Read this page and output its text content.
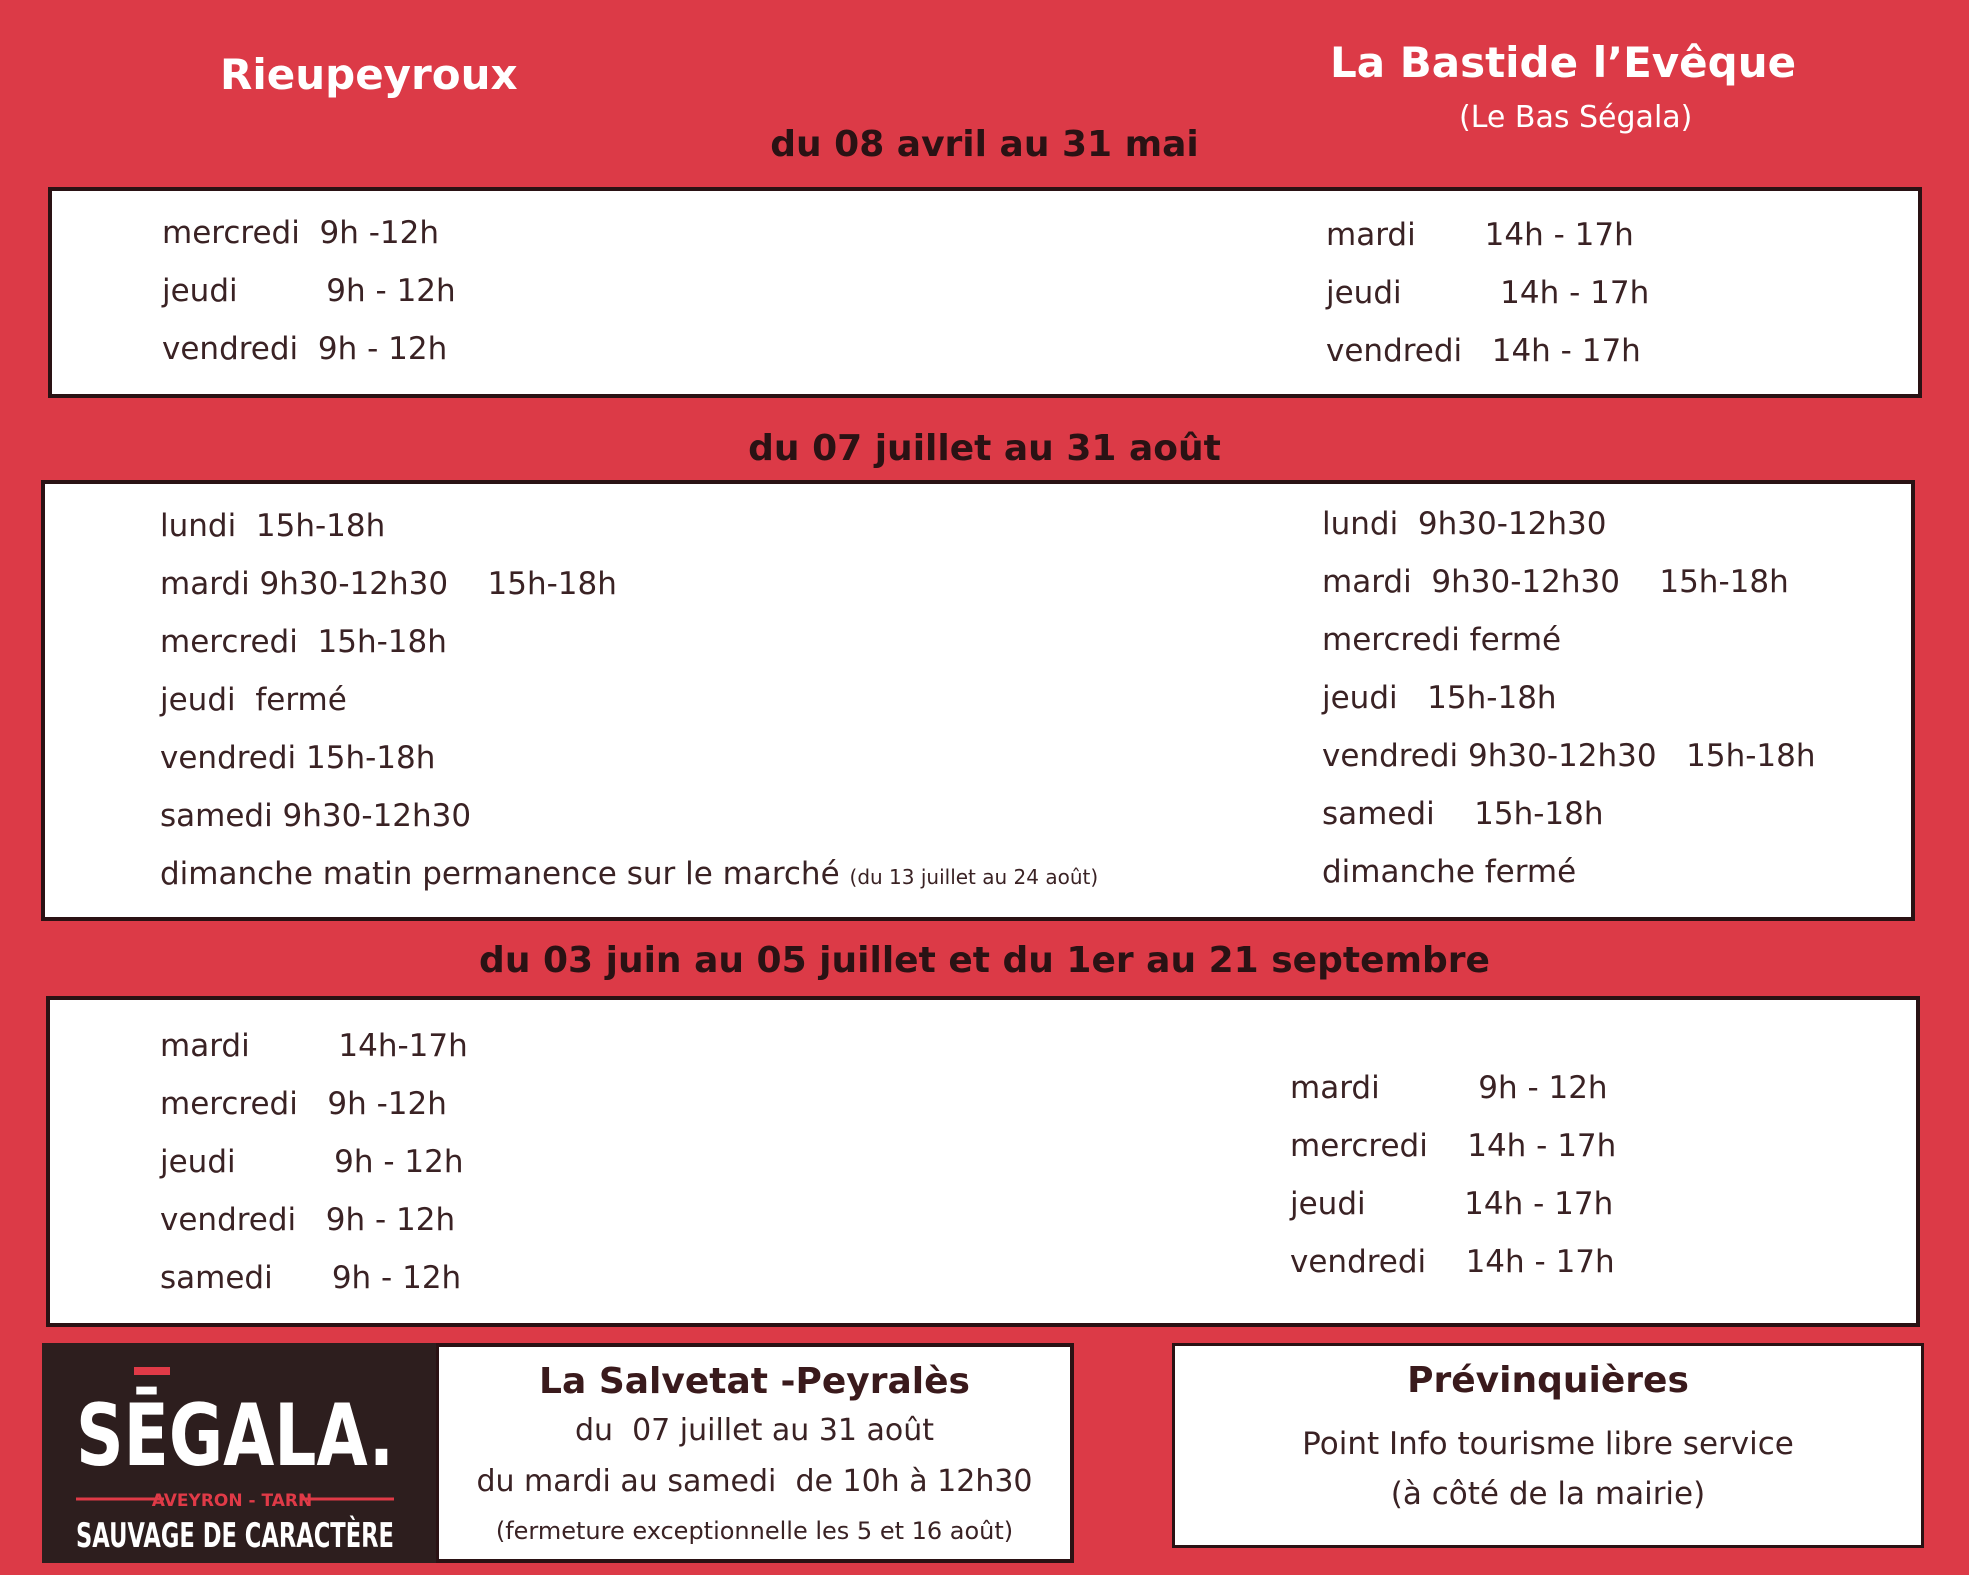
Rieupeyroux	La Bastide l’Evêque
(Le Bas Ségala)
du 08 avril au 31 mai
mercredi  9h -12h
jeudi         9h - 12h
vendredi  9h - 12h
mardi       14h - 17h
jeudi          14h - 17h
vendredi   14h - 17h
du 07 juillet au 31 août
lundi  15h-18h
mardi 9h30-12h30    15h-18h
mercredi  15h-18h
jeudi  fermé
vendredi 15h-18h
samedi 9h30-12h30
dimanche matin permanence sur le marché (du 13 juillet au 24 août)
lundi  9h30-12h30
mardi  9h30-12h30    15h-18h
mercredi fermé
jeudi   15h-18h
vendredi 9h30-12h30   15h-18h
samedi    15h-18h
dimanche fermé
du 03 juin au 05 juillet et du 1er au 21 septembre
mardi         14h-17h
mercredi   9h -12h
jeudi          9h - 12h
vendredi   9h - 12h
samedi      9h - 12h
mardi          9h - 12h
mercredi    14h - 17h
jeudi          14h - 17h
vendredi    14h - 17h
SĒGALA.
AVEYRON - TARN
SAUVAGE DE CARACTÈRE
La Salvetat -Peyralès
du  07 juillet au 31 août
du mardi au samedi  de 10h à 12h30
(fermeture exceptionnelle les 5 et 16 août)
Prévinquières
Point Info tourisme libre service
(à côté de la mairie)
